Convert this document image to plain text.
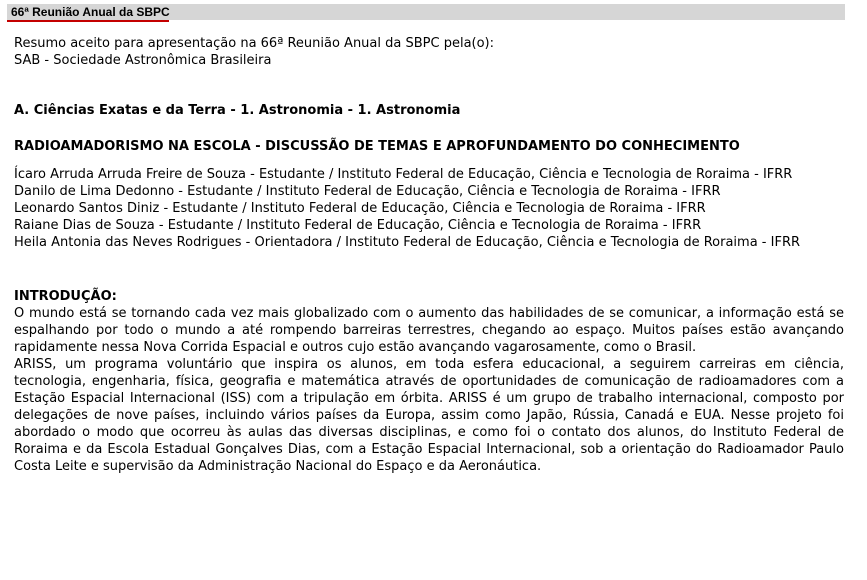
66ª Reunião Anual da SBPC

Resumo aceito para apresentação na 66ª Reunião Anual da SBPC pela(o):

SAB - Sociedade Astronômica Brasileira

A. Ciências Exatas e da Terra - 1. Astronomia - 1. Astronomia

RADIOAMADORISMO NA ESCOLA - DISCUSSÃO DE TEMAS E APROFUNDAMENTO DO CONHECIMENTO

Ícaro Arruda Arruda Freire de Souza - Estudante / Instituto Federal de Educação, Ciência e Tecnologia de Roraima - IFRR

Danilo de Lima Dedonno - Estudante / Instituto Federal de Educação, Ciência e Tecnologia de Roraima - IFRR

Leonardo Santos Diniz - Estudante / Instituto Federal de Educação, Ciência e Tecnologia de Roraima - IFRR

Raiane Dias de Souza - Estudante / Instituto Federal de Educação, Ciência e Tecnologia de Roraima - IFRR

Heila Antonia das Neves Rodrigues - Orientadora / Instituto Federal de Educação, Ciência e Tecnologia de Roraima - IFRR

INTRODUÇÃO:

O mundo está se tornando cada vez mais globalizado com o aumento das habilidades de se comunicar, a informação está se espalhando por todo o mundo a até rompendo barreiras terrestres, chegando ao espaço. Muitos países estão avançando rapidamente nessa Nova Corrida Espacial e outros cujo estão avançando vagarosamente, como o Brasil.

ARISS, um programa voluntário que inspira os alunos, em toda esfera educacional, a seguirem carreiras em ciência, tecnologia, engenharia, física, geografia e matemática através de oportunidades de comunicação de radioamadores com a Estação Espacial Internacional (ISS) com a tripulação em órbita. ARISS é um grupo de trabalho internacional, composto por delegações de nove países, incluindo vários países da Europa, assim como Japão, Rússia, Canadá e EUA. Nesse projeto foi abordado o modo que ocorreu às aulas das diversas disciplinas, e como foi o contato dos alunos, do Instituto Federal de Roraima e da Escola Estadual Gonçalves Dias, com a Estação Espacial Internacional, sob a orientação do Radioamador Paulo Costa Leite e supervisão da Administração Nacional do Espaço e da Aeronáutica.
